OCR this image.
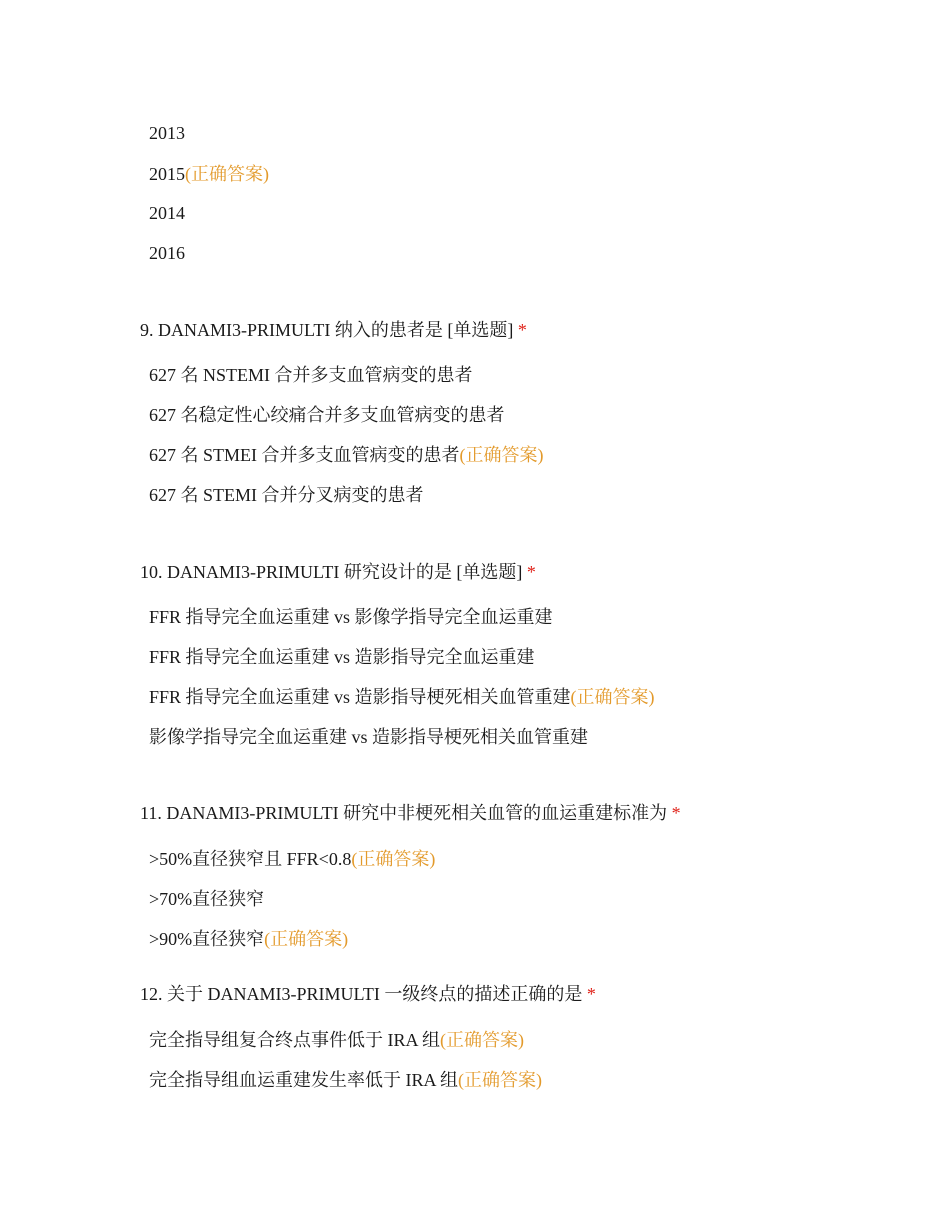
2013
2015(正确答案)
2014
2016
9. DANAMI3-PRIMULTI 纳入的患者是 [单选题] *
627 名 NSTEMI 合并多支血管病变的患者
627 名稳定性心绞痛合并多支血管病变的患者
627 名 STMEI 合并多支血管病变的患者(正确答案)
627 名 STEMI 合并分叉病变的患者
10. DANAMI3-PRIMULTI 研究设计的是 [单选题] *
FFR 指导完全血运重建 vs 影像学指导完全血运重建
FFR 指导完全血运重建 vs 造影指导完全血运重建
FFR 指导完全血运重建 vs 造影指导梗死相关血管重建(正确答案)
影像学指导完全血运重建 vs 造影指导梗死相关血管重建
11. DANAMI3-PRIMULTI 研究中非梗死相关血管的血运重建标准为 *
>50%直径狭窄且 FFR<0.8(正确答案)
>70%直径狭窄
>90%直径狭窄(正确答案)
12. 关于 DANAMI3-PRIMULTI 一级终点的描述正确的是 *
完全指导组复合终点事件低于 IRA 组(正确答案)
完全指导组血运重建发生率低于 IRA 组(正确答案)
